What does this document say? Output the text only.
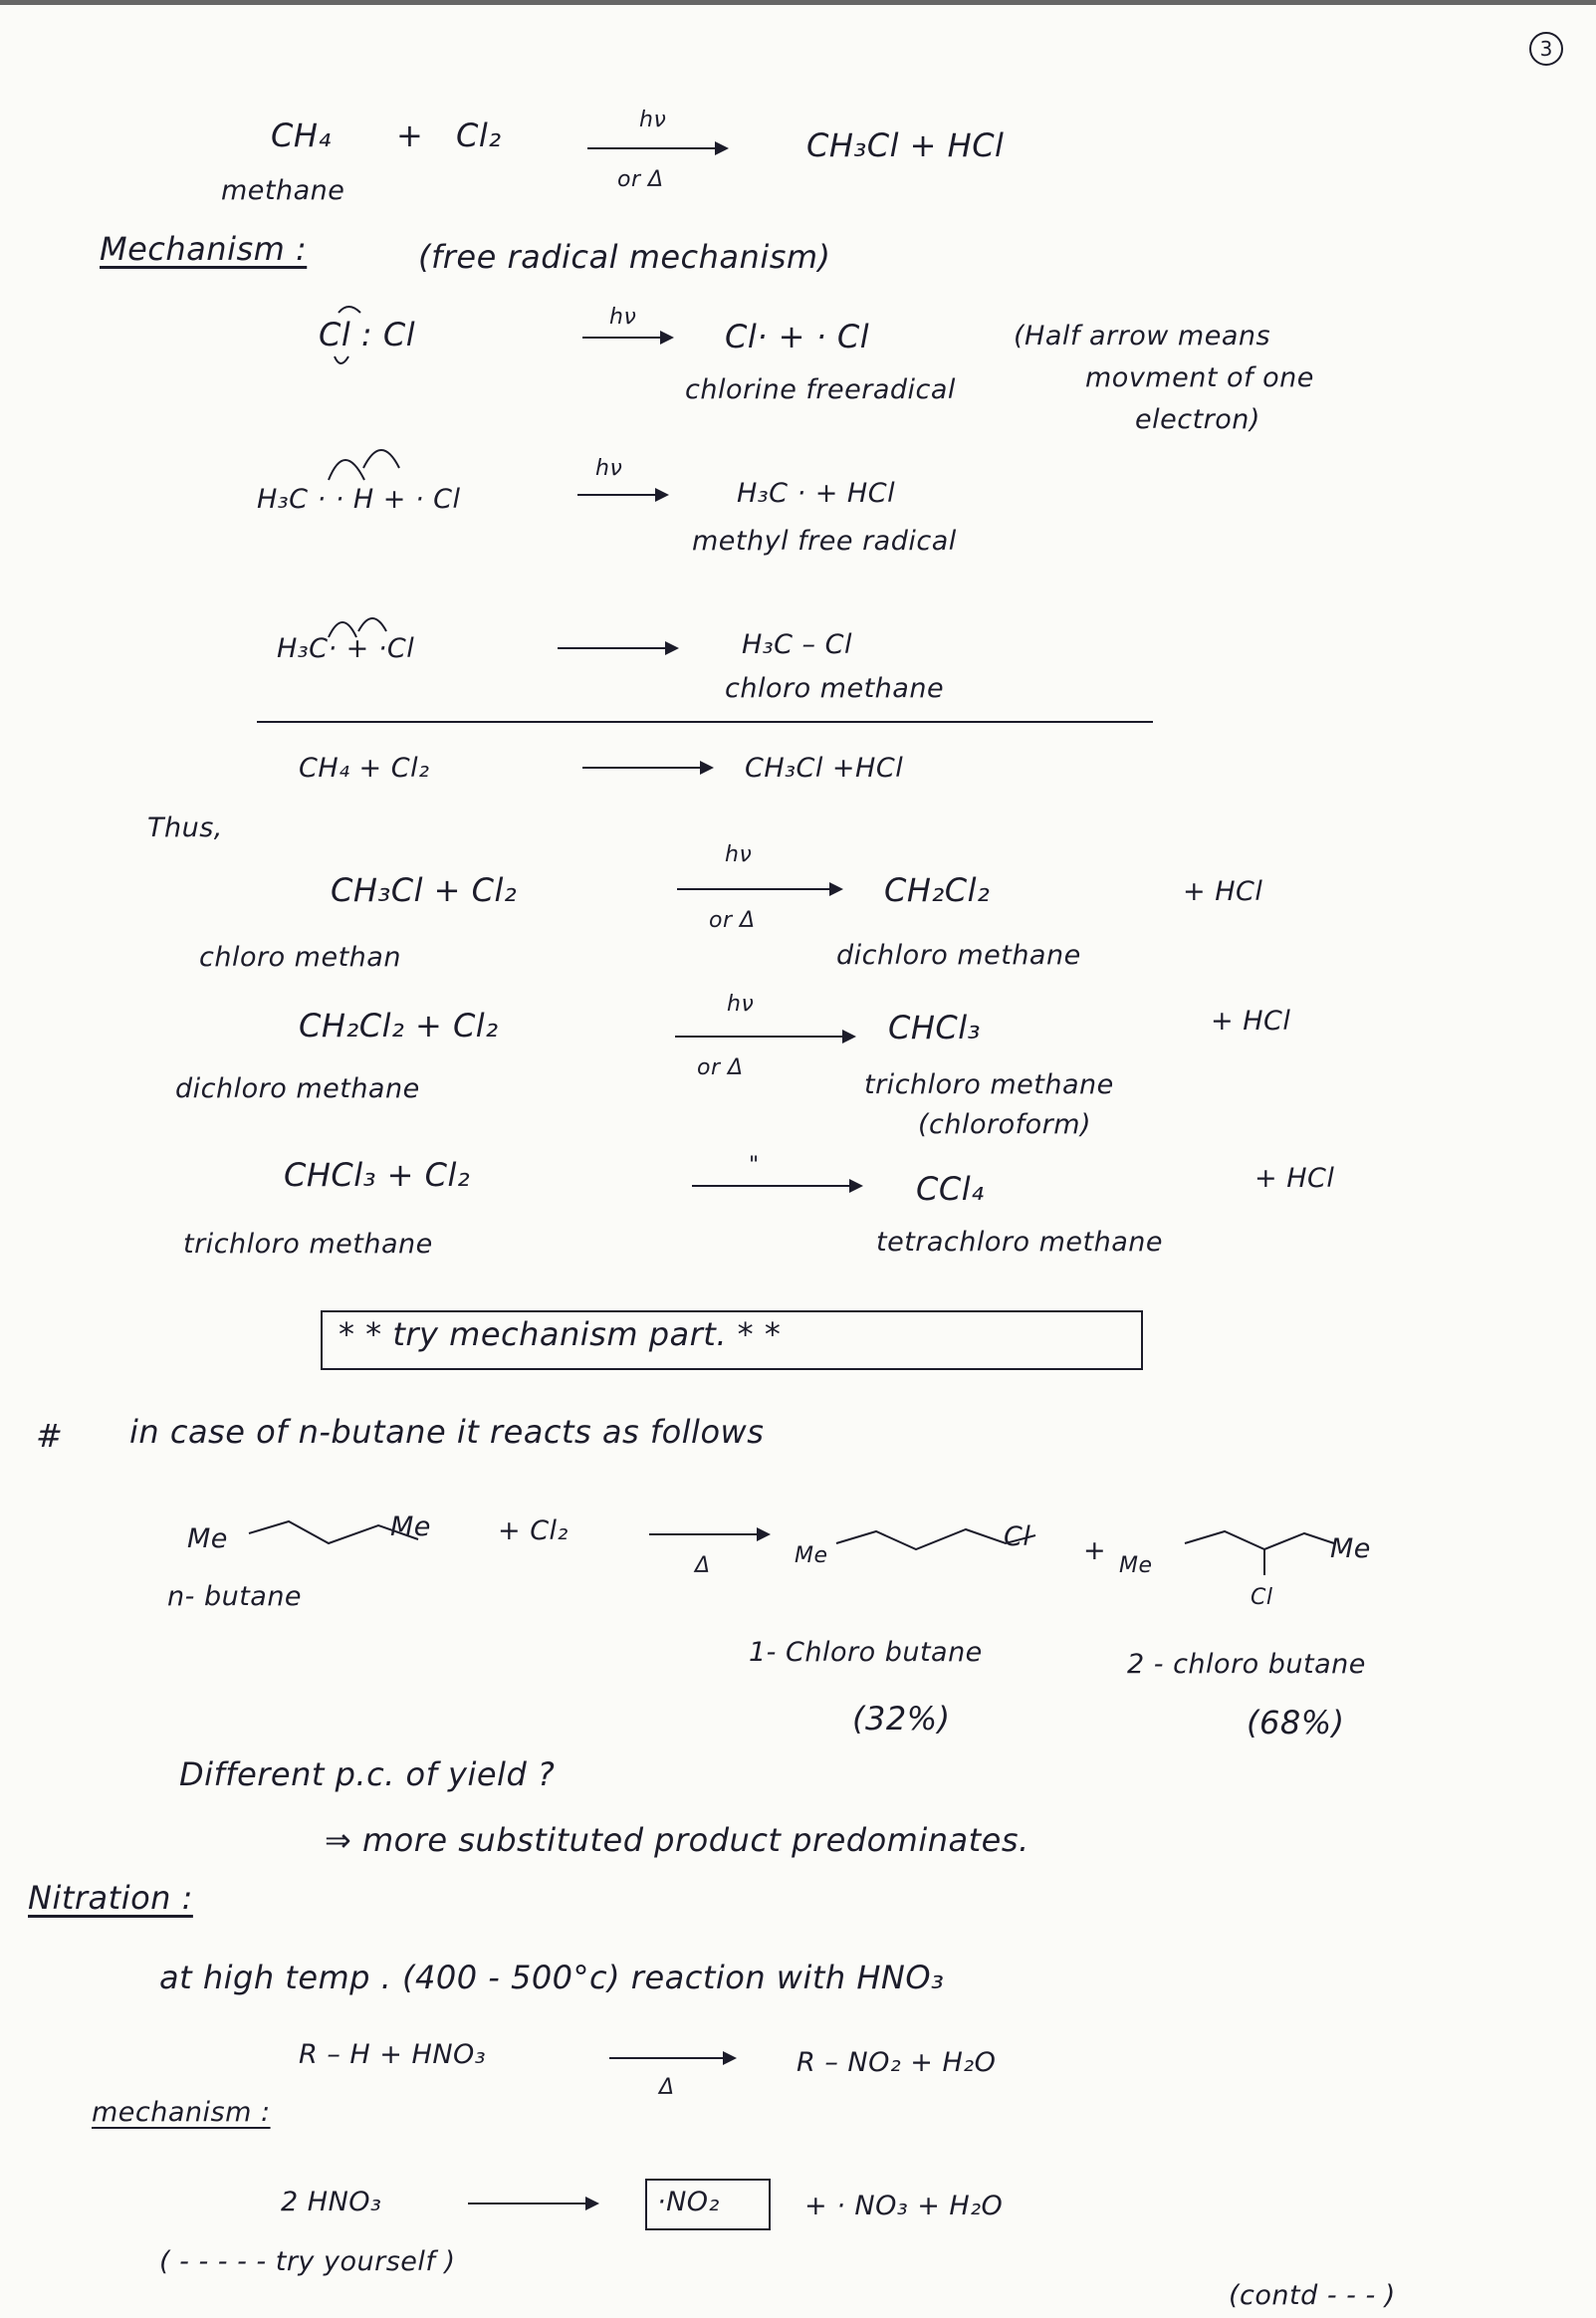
3
CH₄ + Cl₂	hν
or Δ
CH₃Cl + HCl
methane
Mechanism :	(free radical mechanism)
Cl : Cl	hν
Cl· + · Cl
chlorine freeradical
(Half arrow means
movment of one
electron)
H₃C · · H + · Cl
hν
H₃C · + HCl
methyl free radical
H₃C· + ·Cl	H₃C – Cl
chloro methane
CH₄ + Cl₂	CH₃Cl +HCl
Thus,
CH₃Cl + Cl₂
hν
or Δ
CH₂Cl₂	+ HCl
chloro methan	dichloro methane
CH₂Cl₂ + Cl₂
hν
or Δ
CHCl₃	+ HCl
dichloro methane	trichloro methane
(chloroform)
CHCl₃ + Cl₂	"
CCl₄	+ HCl
trichloro methane	tetrachloro methane
* * try mechanism part. * *
# in case of n-butane it reacts as follows
Me	Me
n- butane
+ Cl₂
Δ	Me
Cl
1- Chloro butane
(32%)
+ Me
Me
Cl
2 - chloro butane
(68%)
Different p.c. of yield ?
⇒ more substituted product predominates.
Nitration :
at high temp . (400 - 500°c) reaction with HNO₃
R – H + HNO₃
Δ
R – NO₂ + H₂O
mechanism :
2 HNO₃	·NO₂	+ · NO₃ + H₂O
( - - - - - try yourself )
(contd - - - )
